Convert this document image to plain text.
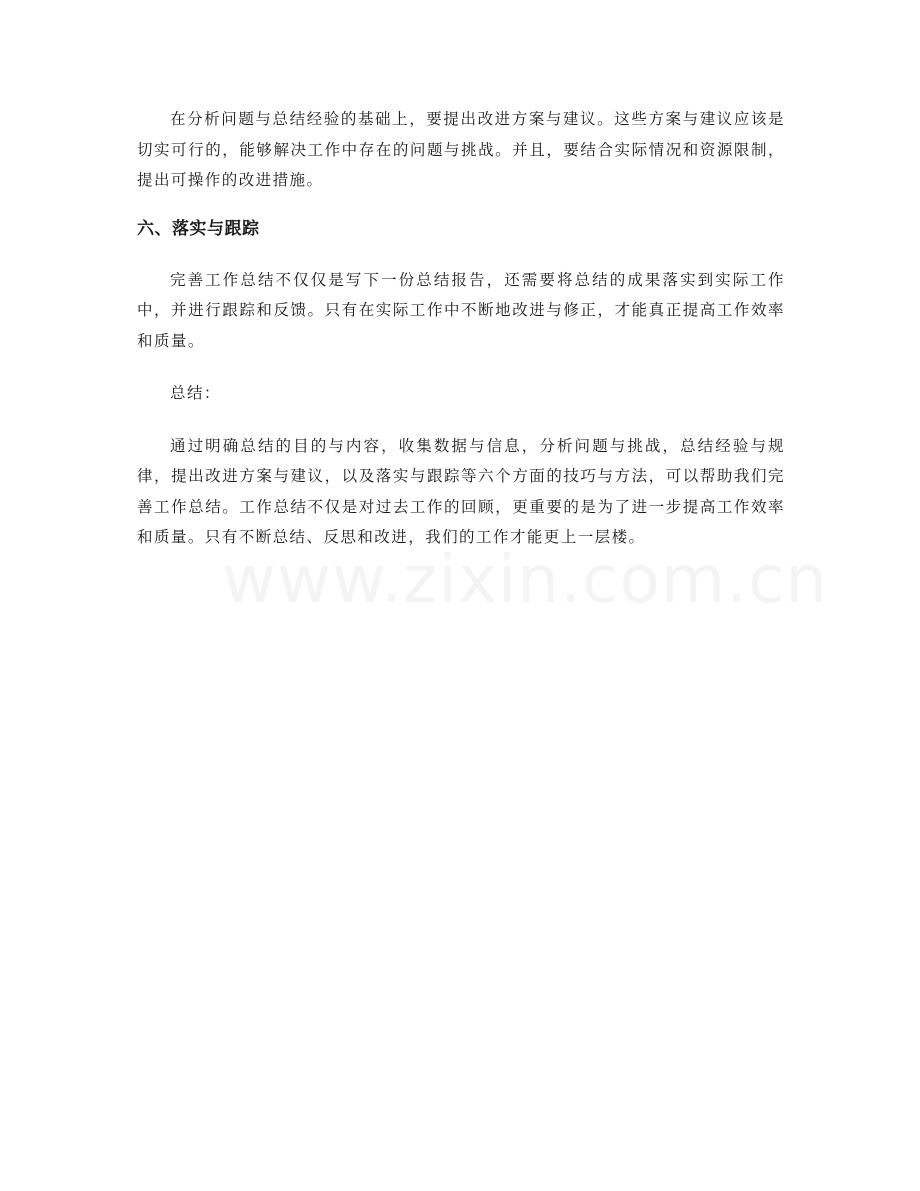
在分析问题与总结经验的基础上，要提出改进方案与建议。这些方案与建议应该是切实可行的，能够解决工作中存在的问题与挑战。并且，要结合实际情况和资源限制，提出可操作的改进措施。

六、落实与跟踪

完善工作总结不仅仅是写下一份总结报告，还需要将总结的成果落实到实际工作中，并进行跟踪和反馈。只有在实际工作中不断地改进与修正，才能真正提高工作效率和质量。

总结：

通过明确总结的目的与内容，收集数据与信息，分析问题与挑战，总结经验与规律，提出改进方案与建议，以及落实与跟踪等六个方面的技巧与方法，可以帮助我们完善工作总结。工作总结不仅是对过去工作的回顾，更重要的是为了进一步提高工作效率和质量。只有不断总结、反思和改进，我们的工作才能更上一层楼。
